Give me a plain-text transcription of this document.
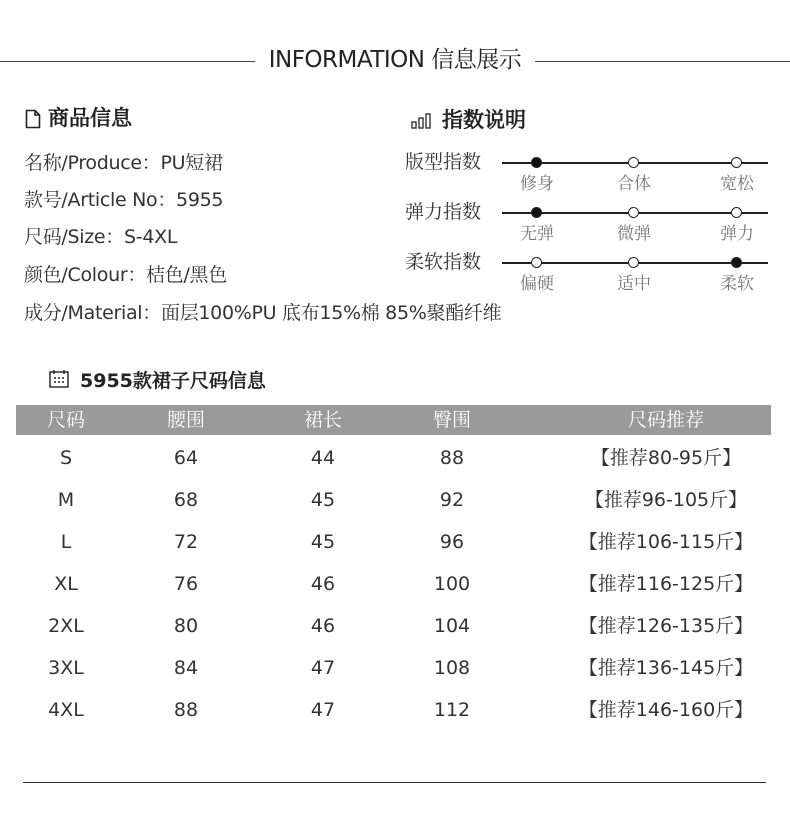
INFORMATION 信息展示
商品信息
名称/Produce：PU短裙
款号/Article No：5955
尺码/Size：S-4XL
颜色/Colour：桔色/黑色
成分/Material：面层100%PU 底布15%棉 85%聚酯纤维
指数说明
版型指数
修身	合体	宽松
弹力指数
无弹	微弹	弹力
柔软指数
偏硬	适中	柔软
5955款裙子尺码信息
尺码	腰围	裙长	臀围	尺码推荐
S	64	44	88	【推荐80-95斤】
M	68	45	92	【推荐96-105斤】
L	72	45	96	【推荐106-115斤】
XL	76	46	100	【推荐116-125斤】
2XL	80	46	104	【推荐126-135斤】
3XL	84	47	108	【推荐136-145斤】
4XL	88	47	112	【推荐146-160斤】
